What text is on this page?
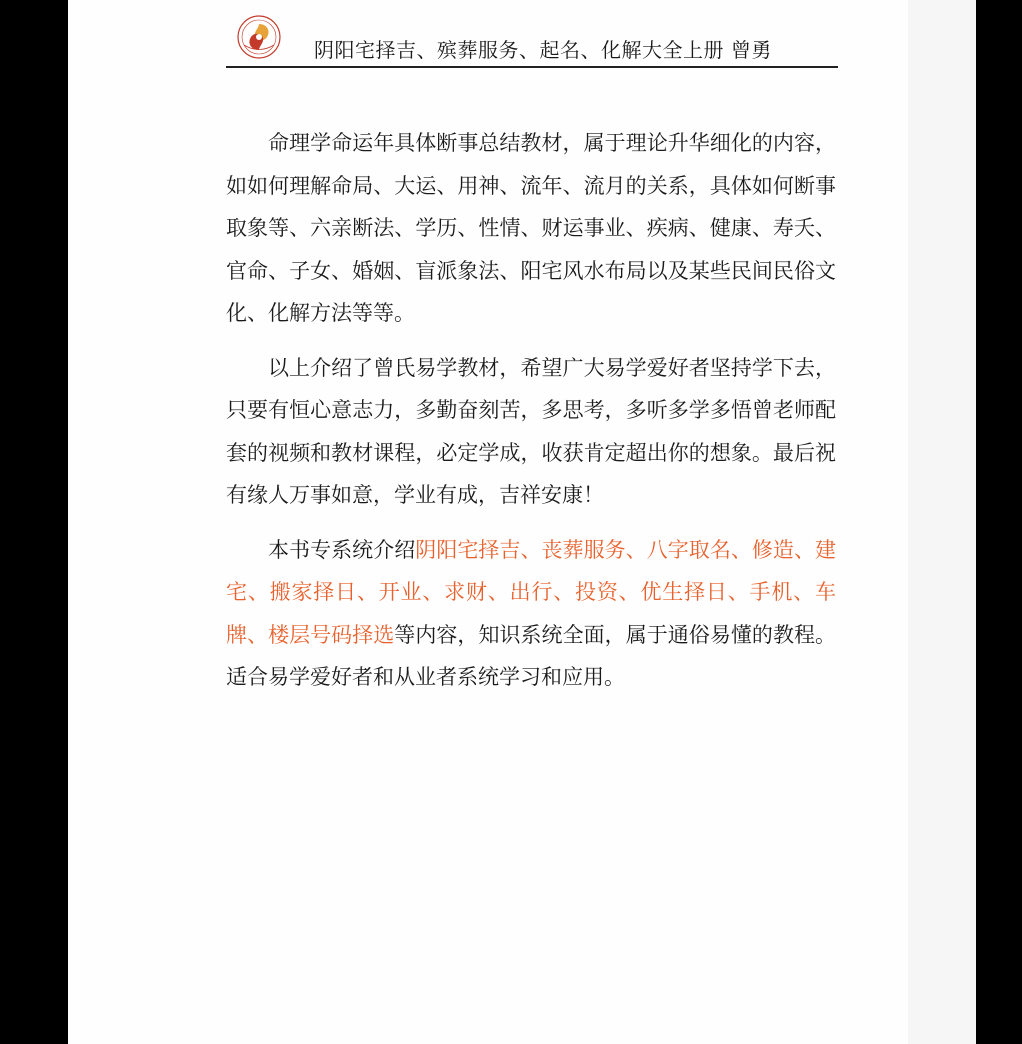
阴阳宅择吉、殡葬服务、起名、化解大全上册 曾勇

命理学命运年具体断事总结教材，属于理论升华细化的内容，如如何理解命局、大运、用神、流年、流月的关系，具体如何断事取象等、六亲断法、学历、性情、财运事业、疾病、健康、寿夭、官命、子女、婚姻、盲派象法、阳宅风水布局以及某些民间民俗文化、化解方法等等。

以上介绍了曾氏易学教材，希望广大易学爱好者坚持学下去，只要有恒心意志力，多勤奋刻苦，多思考，多听多学多悟曾老师配套的视频和教材课程，必定学成，收获肯定超出你的想象。最后祝有缘人万事如意，学业有成，吉祥安康！

本书专系统介绍阴阳宅择吉、丧葬服务、八字取名、修造、建宅、搬家择日、开业、求财、出行、投资、优生择日、手机、车牌、楼层号码择选等内容，知识系统全面，属于通俗易懂的教程。适合易学爱好者和从业者系统学习和应用。
